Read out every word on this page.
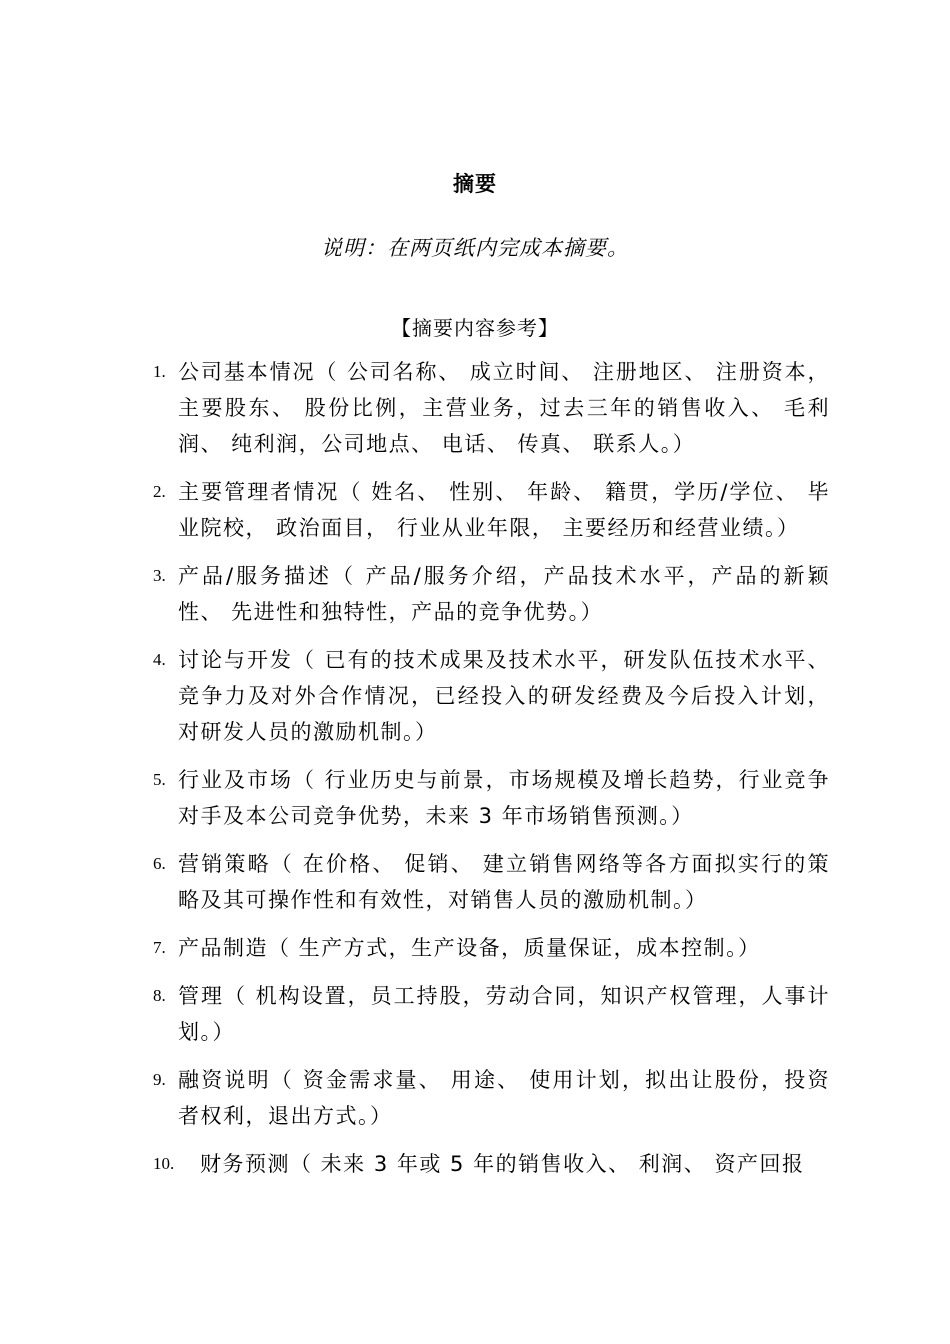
摘要
说明：在两页纸内完成本摘要。
【摘要内容参考】
1. 公司基本情况（ 公司名称、 成立时间、 注册地区、 注册资本，主要股东、 股份比例，主营业务，过去三年的销售收入、 毛利润、 纯利润，公司地点、 电话、 传真、 联系人。）
2. 主要管理者情况（ 姓名、 性别、 年龄、 籍贯，学历/学位、 毕业院校， 政治面目， 行业从业年限， 主要经历和经营业绩。）
3. 产品/服务描述（ 产品/服务介绍，产品技术水平，产品的新颖性、 先进性和独特性，产品的竞争优势。）
4. 讨论与开发（ 已有的技术成果及技术水平，研发队伍技术水平、 竞争力及对外合作情况，已经投入的研发经费及今后投入计划，对研发人员的激励机制。）
5. 行业及市场（ 行业历史与前景，市场规模及增长趋势，行业竞争对手及本公司竞争优势，未来 3 年市场销售预测。）
6. 营销策略（ 在价格、 促销、 建立销售网络等各方面拟实行的策略及其可操作性和有效性，对销售人员的激励机制。）
7. 产品制造（ 生产方式，生产设备，质量保证，成本控制。）
8. 管理（ 机构设置，员工持股，劳动合同，知识产权管理，人事计划。）
9. 融资说明（ 资金需求量、 用途、 使用计划，拟出让股份，投资者权利，退出方式。）
10. 财务预测（ 未来 3 年或 5 年的销售收入、 利润、 资产回报
